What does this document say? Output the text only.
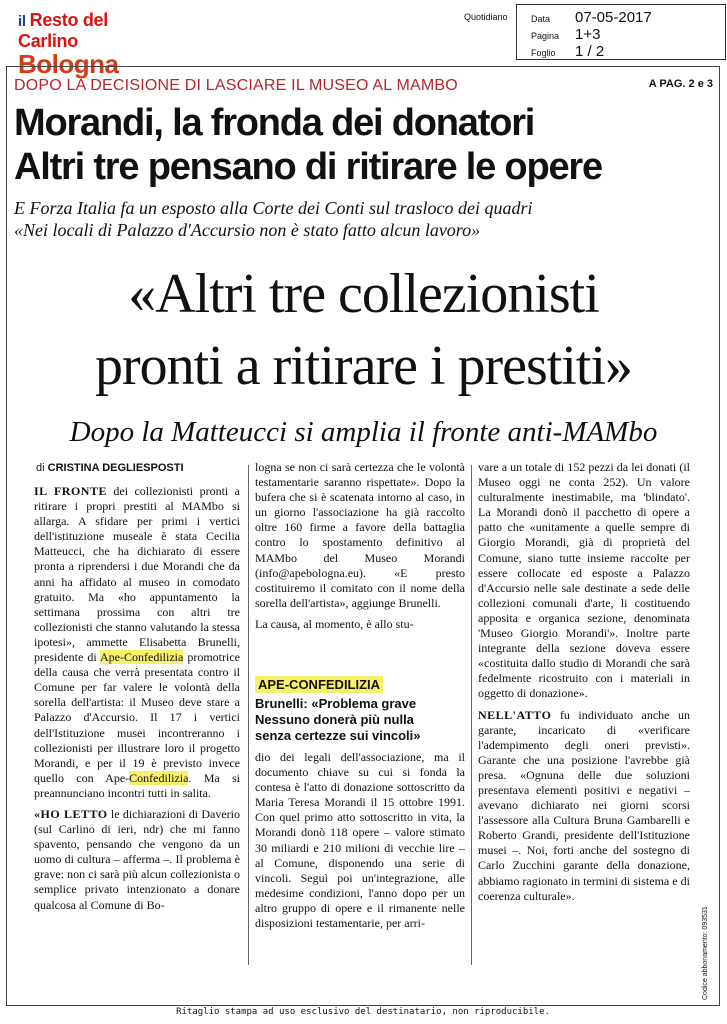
il Resto del Carlino
Bologna
Quotidiano	Data 07-05-2017
Pagina 1+3
Foglio 1 / 2
DOPO LA DECISIONE DI LASCIARE IL MUSEO AL MAMBO	A PAG. 2 e 3
Morandi, la fronda dei donatori
Altri tre pensano di ritirare le opere
E Forza Italia fa un esposto alla Corte dei Conti sul trasloco dei quadri
«Nei locali di Palazzo d'Accursio non è stato fatto alcun lavoro»
«Altri tre collezionisti
pronti a ritirare i prestiti»
Dopo la Matteucci si amplia il fronte anti-MAMbo
di CRISTINA DEGLIESPOSTI

IL FRONTE dei collezionisti pronti a ritirare i propri prestiti al MAMbo si allarga. A sfidare per primi i vertici dell'istituzione museale è stata Cecilia Matteucci, che ha dichiarato di essere pronta a riprendersi i due Morandi che da anni ha affidato al museo in comodato gratuito. Ma «ho appuntamento la settimana prossima con altri tre collezionisti che stanno valutando la stessa ipotesi», ammette Elisabetta Brunelli, presidente di Ape-Confedilizia promotrice della causa che verrà presentata contro il Comune per far valere le volontà della sorella dell'artista: il Museo deve stare a Palazzo d'Accursio. Il 17 i vertici dell'Istituzione musei incontreranno i collezionisti per illustrare loro il progetto Morandi, e per il 19 è previsto invece quello con Ape-Confedilizia. Ma si preannunciano incontri tutti in salita.

«HO LETTO le dichiarazioni di Daverio (sul Carlino di ieri, ndr) che mi fanno spavento, pensando che vengono da un uomo di cultura – afferma –. Il problema è grave: non ci sarà più alcun collezionista o semplice privato intenzionato a donare qualcosa al Comune di Bo-

logna se non ci sarà certezza che le volontà testamentarie saranno rispettate». Dopo la bufera che si è scatenata intorno al caso, in un giorno l'associazione ha già raccolto oltre 160 firme a favore della battaglia contro lo spostamento definitivo al MAMbo del Museo Morandi (info@apebologna.eu). «E presto costituiremo il comitato con il nome della sorella dell'artista», aggiunge Brunelli.

La causa, al momento, è allo stu-

APE-CONFEDILIZIA
Brunelli: «Problema grave
Nessuno donerà più nulla
senza certezze sui vincoli»

dio dei legali dell'associazione, ma il documento chiave su cui si fonda la contesa è l'atto di donazione sottoscritto da Maria Teresa Morandi il 15 ottobre 1991. Con quel primo atto sottoscritto in vita, la Morandi donò 118 opere – valore stimato 30 miliardi e 210 milioni di vecchie lire – al Comune, disponendo una serie di vincoli. Seguì poi un'integrazione, alle medesime condizioni, l'anno dopo per un altro gruppo di opere e il rimanente nelle disposizioni testamentarie, per arri-

vare a un totale di 152 pezzi da lei donati (il Museo oggi ne conta 252). Un valore culturalmente inestimabile, ma 'blindato'. La Morandi donò il pacchetto di opere a patto che «unitamente a quelle sempre di Giorgio Morandi, già di proprietà del Comune, siano tutte insieme raccolte per essere collocate ed esposte a Palazzo d'Accursio nelle sale destinate a sede delle collezioni comunali d'arte, li costituendo apposita e organica sezione, denominata 'Museo Giorgio Morandi'». Inoltre parte integrante della sezione doveva essere «costituita dallo studio di Morandi che sarà fedelmente ricostruito con i materiali in oggetto di donazione».

NELL'ATTO fu individuato anche un garante, incaricato di «verificare l'adempimento degli oneri previsti». Garante che una posizione l'avrebbe già presa. «Ognuna delle due soluzioni presentava elementi positivi e negativi – avevano dichiarato nei giorni scorsi l'assessore alla Cultura Bruna Gambarelli e Roberto Grandi, presidente dell'Istituzione musei –. Noi, forti anche del sostegno di Carlo Zucchini garante della donazione, abbiamo ragionato in termini di sistema e di coerenza culturale».

Codice abbonamento: 093531
Ritaglio stampa ad uso esclusivo del destinatario, non riproducibile.
